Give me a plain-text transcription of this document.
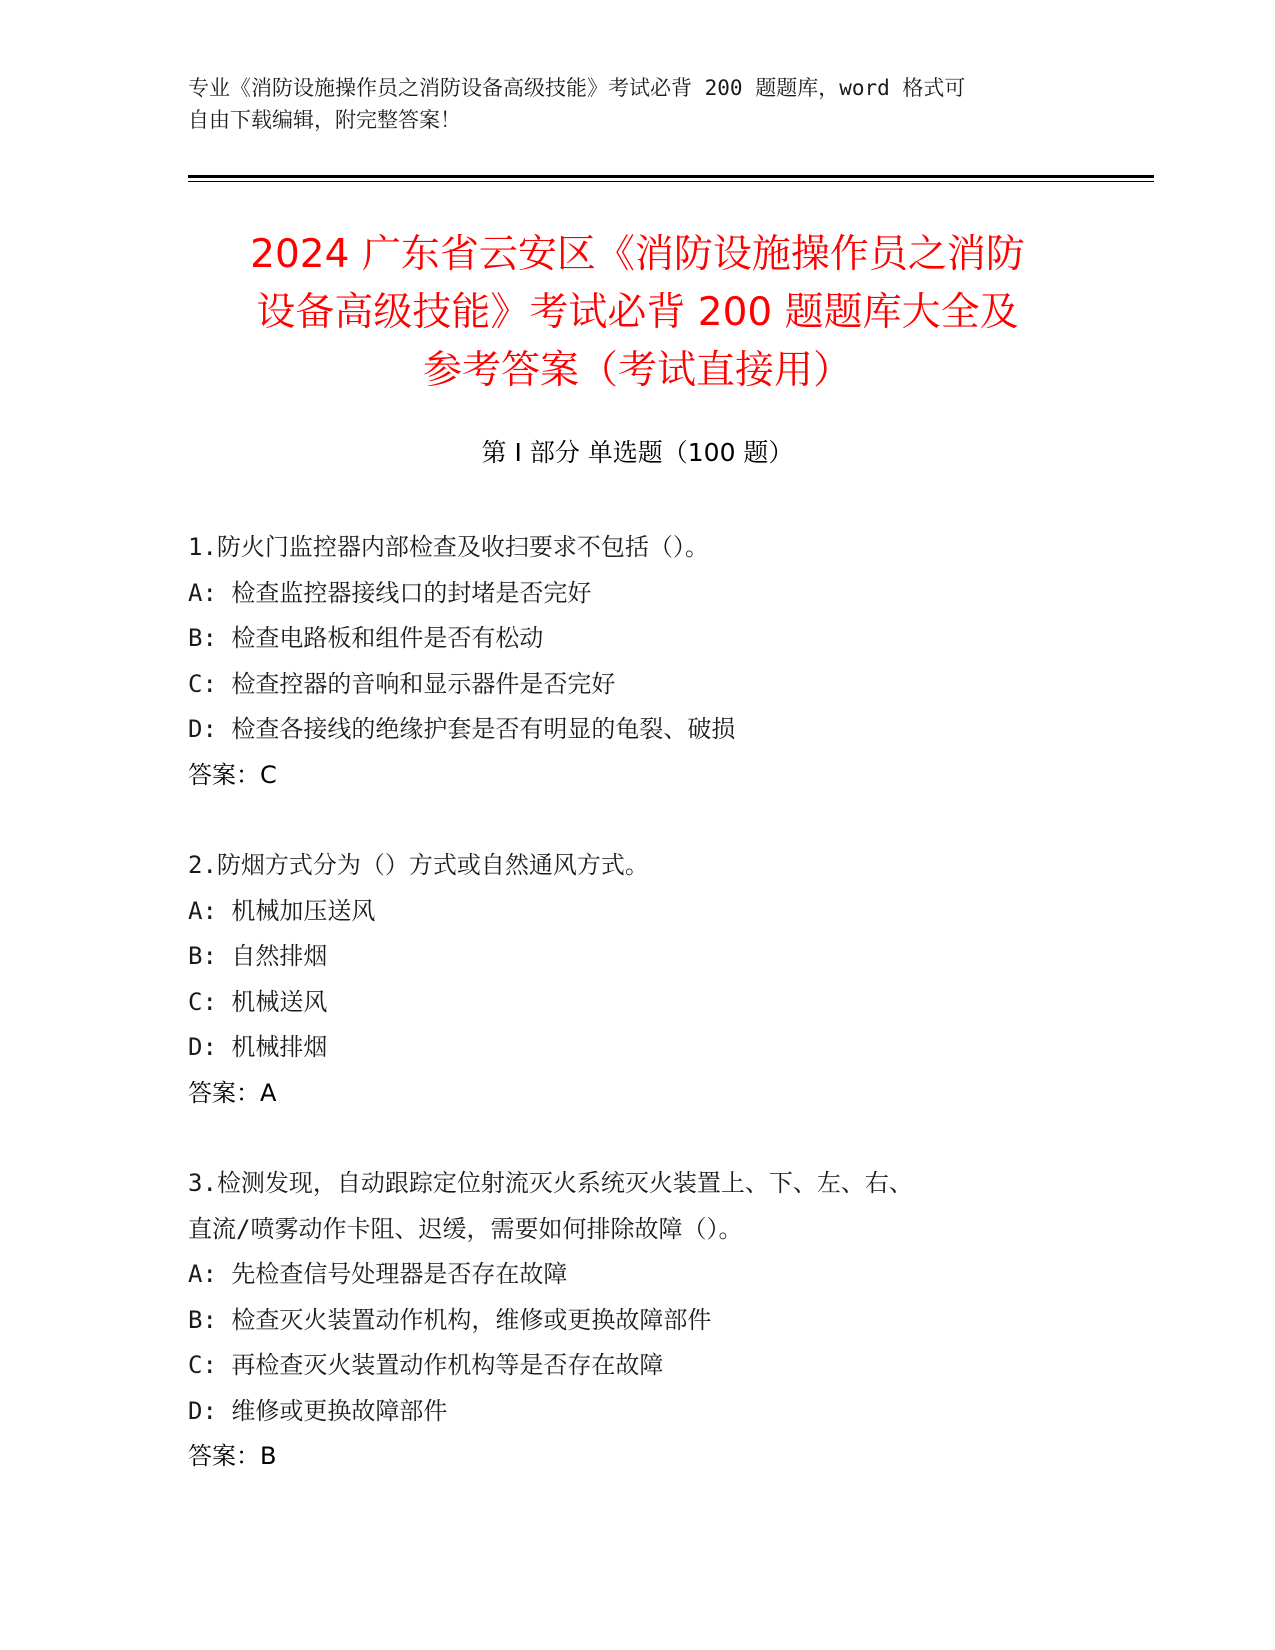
专业《消防设施操作员之消防设备高级技能》考试必背 200 题题库，word 格式可
自由下载编辑，附完整答案！
2024 广东省云安区《消防设施操作员之消防
设备高级技能》考试必背 200 题题库大全及
参考答案（考试直接用）
第 I 部分 单选题（100 题）
1.防火门监控器内部检查及收扫要求不包括（）。
A: 检查监控器接线口的封堵是否完好
B: 检查电路板和组件是否有松动
C: 检查控器的音响和显示器件是否完好
D: 检查各接线的绝缘护套是否有明显的龟裂、破损
答案：C
2.防烟方式分为（）方式或自然通风方式。
A: 机械加压送风
B: 自然排烟
C: 机械送风
D: 机械排烟
答案：A
3.检测发现，自动跟踪定位射流灭火系统灭火装置上、下、左、右、
直流/喷雾动作卡阻、迟缓，需要如何排除故障（）。
A: 先检查信号处理器是否存在故障
B: 检查灭火装置动作机构，维修或更换故障部件
C: 再检查灭火装置动作机构等是否存在故障
D: 维修或更换故障部件
答案：B
